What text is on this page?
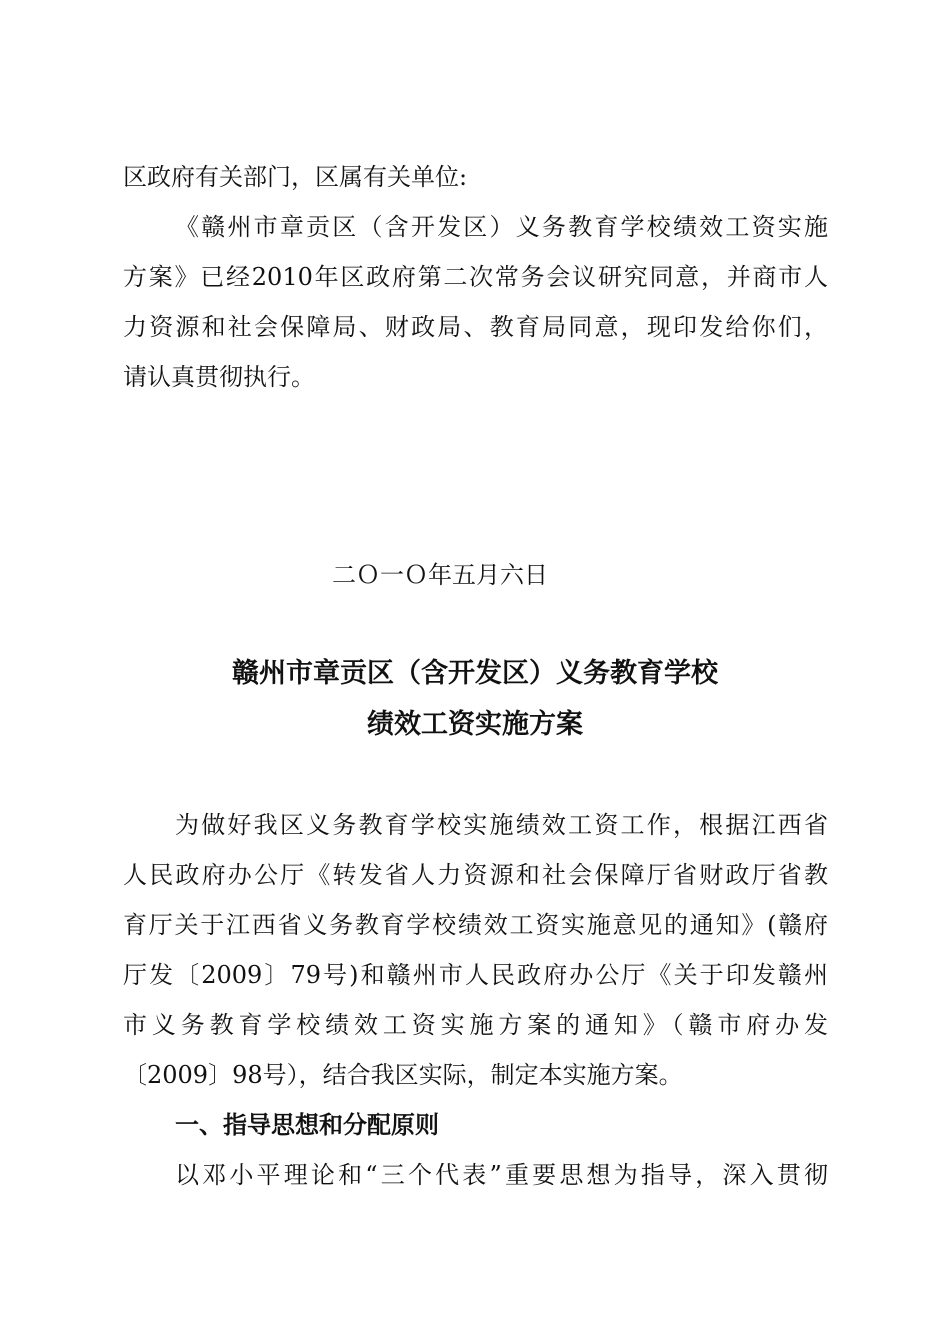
区政府有关部门，区属有关单位:
《赣州市章贡区（含开发区）义务教育学校绩效工资实施
方案》已经2010年区政府第二次常务会议研究同意，并商市人
力资源和社会保障局、财政局、教育局同意，现印发给你们，
请认真贯彻执行。
二Ｏ一Ｏ年五月六日
赣州市章贡区（含开发区）义务教育学校
绩效工资实施方案
为做好我区义务教育学校实施绩效工资工作，根据江西省
人民政府办公厅《转发省人力资源和社会保障厅省财政厅省教
育厅关于江西省义务教育学校绩效工资实施意见的通知》(赣府
厅发〔2009〕79号)和赣州市人民政府办公厅《关于印发赣州
市义务教育学校绩效工资实施方案的通知》（赣市府办发
〔2009〕98号），结合我区实际，制定本实施方案。
一、指导思想和分配原则
以邓小平理论和“三个代表”重要思想为指导，深入贯彻
